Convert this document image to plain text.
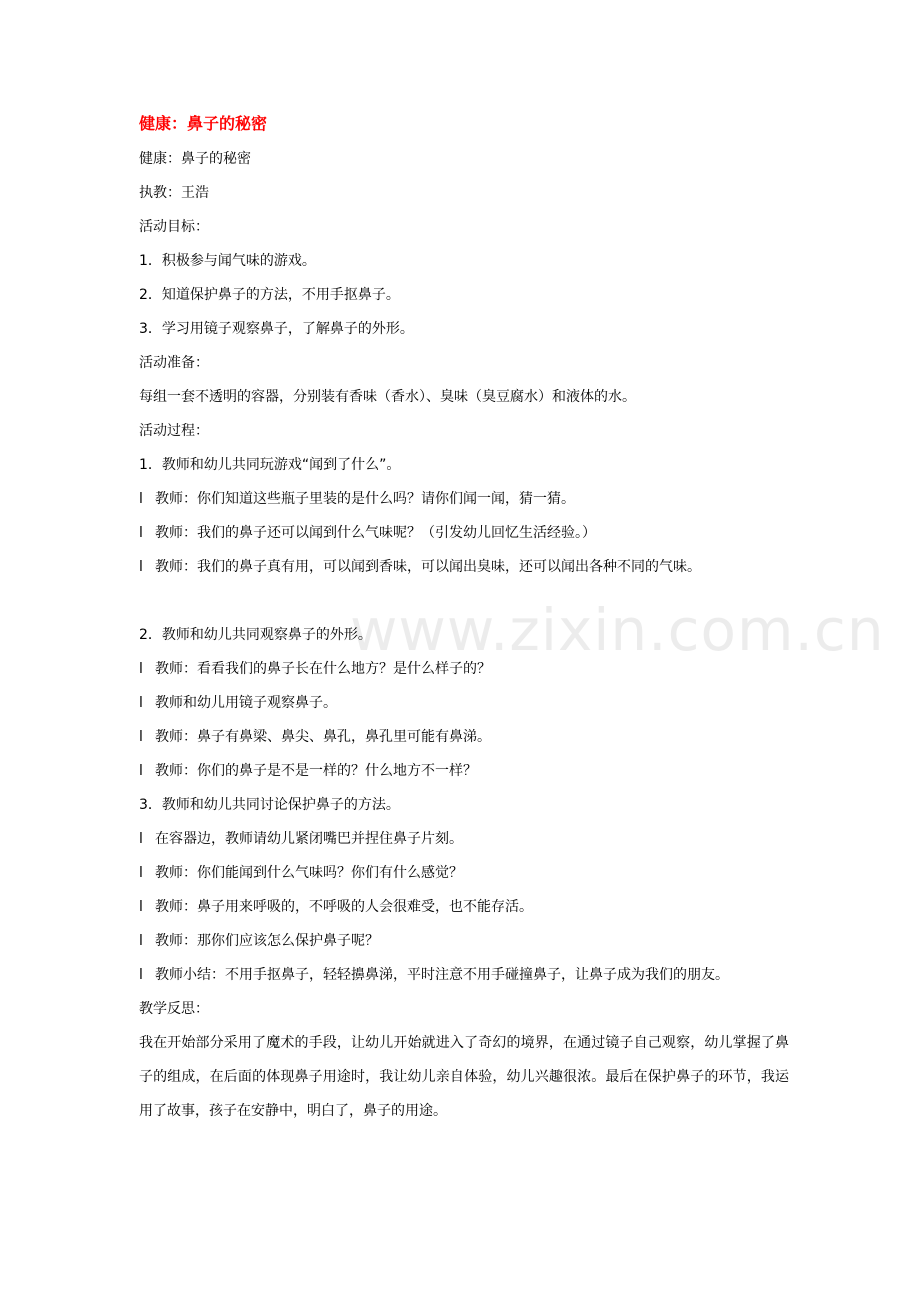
www.zixin.com.cn
健康：鼻子的秘密

健康：鼻子的秘密

执教：王浩

活动目标：

1．积极参与闻气味的游戏。

2．知道保护鼻子的方法，不用手抠鼻子。

3．学习用镜子观察鼻子，了解鼻子的外形。

活动准备：

每组一套不透明的容器，分别装有香味（香水）、臭味（臭豆腐水）和液体的水。

活动过程：

1．教师和幼儿共同玩游戏“闻到了什么”。

l 教师：你们知道这些瓶子里装的是什么吗？请你们闻一闻，猜一猜。

l 教师：我们的鼻子还可以闻到什么气味呢？（引发幼儿回忆生活经验。）

l 教师：我们的鼻子真有用，可以闻到香味，可以闻出臭味，还可以闻出各种不同的气味。

2．教师和幼儿共同观察鼻子的外形。

l 教师：看看我们的鼻子长在什么地方？是什么样子的？

l 教师和幼儿用镜子观察鼻子。

l 教师：鼻子有鼻梁、鼻尖、鼻孔，鼻孔里可能有鼻涕。

l 教师：你们的鼻子是不是一样的？什么地方不一样？

3．教师和幼儿共同讨论保护鼻子的方法。

l 在容器边，教师请幼儿紧闭嘴巴并捏住鼻子片刻。

l 教师：你们能闻到什么气味吗？你们有什么感觉？

l 教师：鼻子用来呼吸的，不呼吸的人会很难受，也不能存活。

l 教师：那你们应该怎么保护鼻子呢？

l 教师小结：不用手抠鼻子，轻轻擤鼻涕，平时注意不用手碰撞鼻子，让鼻子成为我们的朋友。

教学反思：

我在开始部分采用了魔术的手段，让幼儿开始就进入了奇幻的境界，在通过镜子自己观察，幼儿掌握了鼻子的组成，在后面的体现鼻子用途时，我让幼儿亲自体验，幼儿兴趣很浓。最后在保护鼻子的环节，我运用了故事，孩子在安静中，明白了，鼻子的用途。
